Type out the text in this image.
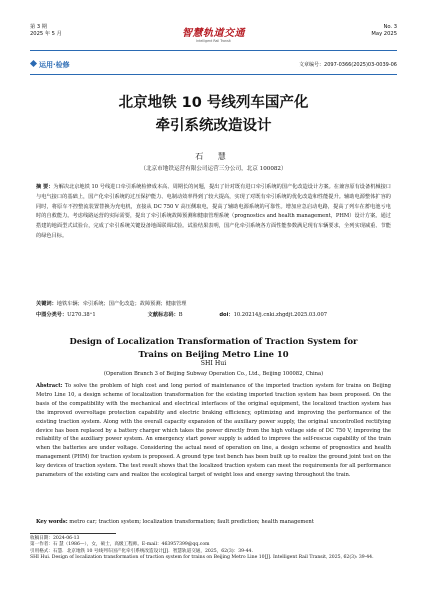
第 3 期
2025 年 5 月	智慧轨道交通
Intelligent Rail Transit
No. 3
May 2025
运用·检修	文章编号：2097-0366(2025)03-0039-06
北京地铁 10 号线列车国产化
牵引系统改造设计
石 慧
（北京市地铁运营有限公司运营三分公司，北京 100082）
摘 要：为解决北京地铁 10 号线进口牵引系统检修成本高、周期长的问题，提出了针对既有进口牵引系统的国产化改造设计方案。在兼容原有设备机械接口与电气接口的基础上，国产化牵引系统的过压保护能力、电制动效率得到了较大提高，实现了对既有牵引系统的优化改造和性能提升。辅助电源整体扩容的同时，将原车不控整流装置替换为充电机，直接从 DC 750 V 高压侧取电，提高了辅助电源系统的可靠性。增加应急启动电路，提高了列车在蓄电池亏电时的自救能力。考虑线路运营的实际需要，提出了牵引系统故障预测和健康管理系统（prognostics and health management，PHM）设计方案。通过搭建的地面型式试验台，完成了牵引系统关键设备地面联调试验。试验结果表明，国产化牵引系统各方面性能参数满足现有车辆要求，全列实现减重、节能的绿色目标。
关键词：地铁车辆；牵引系统；国产化改造；故障预测；健康管理
中图分类号：U270.38⁺1	文献标志码：B	doi：10.20214/j.cnki.zhgdjt.2025.03.007
Design of Localization Transformation of Traction System for
Trains on Beijing Metro Line 10
SHI Hui
(Operation Branch 3 of Beijing Subway Operation Co., Ltd., Beijing 100082, China)
Abstract: To solve the problem of high cost and long period of maintenance of the imported traction system for trains on Beijing Metro Line 10, a design scheme of localization transformation for the existing imported traction system has been proposed. On the basis of the compatibility with the mechanical and electrical interfaces of the original equipment, the localized traction system has the improved overvoltage protection capability and electric braking efficiency, optimizing and improving the performance of the existing traction system. Along with the overall capacity expansion of the auxiliary power supply, the original uncontrolled rectifying device has been replaced by a battery charger which takes the power directly from the high voltage side of DC 750 V, improving the reliability of the auxiliary power system. An emergency start power supply is added to improve the self-rescue capability of the train when the batteries are under voltage. Considering the actual need of operation on line, a design scheme of prognostics and health management (PHM) for traction system is proposed. A ground type test bench has been built up to realize the ground joint test on the key devices of traction system. The test result shows that the localized traction system can meet the requirements for all performance parameters of the existing cars and realize the ecological target of weight loss and energy saving throughout the train.
Key words: metro car; traction system; localization transformation; fault prediction; health management
收稿日期：2024-06-13
第一作者：石 慧（1986—），女，硕士，高级工程师。E-mail：463957399@qq.com
引用格式：石慧．北京地铁 10 号线列车国产化牵引系统改造设计[J]．智慧轨道交通，2025，62(3)：39-44.
SHI Hui. Design of localization transformation of traction system for trains on Beijing Metro Line 10[J]. Intelligent Rail Transit, 2025, 62(3): 39-44.
